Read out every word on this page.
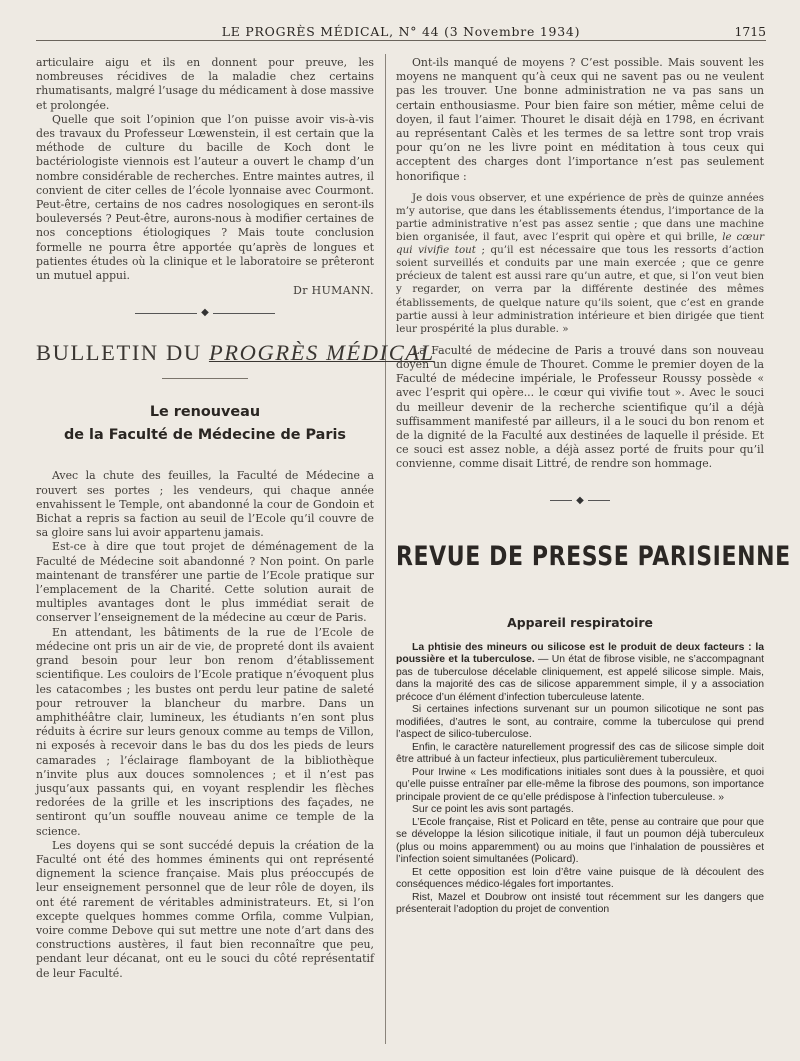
LE PROGRÈS MÉDICAL, N° 44 (3 Novembre 1934)	1715

articulaire aigu et ils en donnent pour preuve, les nombreuses récidives de la maladie chez certains rhumatisants, malgré l’usage du médicament à dose massive et prolongée.

Quelle que soit l’opinion que l’on puisse avoir vis-à-vis des travaux du Professeur Lœwenstein, il est certain que la méthode de culture du bacille de Koch dont le bactériologiste viennois est l’auteur a ouvert le champ d’un nombre considérable de recherches. Entre maintes autres, il convient de citer celles de l’école lyonnaise avec Courmont. Peut-être, certains de nos cadres nosologiques en seront-ils bouleversés ? Peut-être, aurons-nous à modifier certaines de nos conceptions étiologiques ? Mais toute conclusion formelle ne pourra être apportée qu’après de longues et patientes études où la clinique et le laboratoire se prêteront un mutuel appui.

Dr HUMANN.
◆
BULLETIN DU PROGRÈS MÉDICAL
Le renouveau
de la Faculté de Médecine de Paris

Avec la chute des feuilles, la Faculté de Médecine a rouvert ses portes ; les vendeurs, qui chaque année envahissent le Temple, ont abandonné la cour de Gondoin et Bichat a repris sa faction au seuil de l’Ecole qu’il couvre de sa gloire sans lui avoir appartenu jamais.

Est-ce à dire que tout projet de déménagement de la Faculté de Médecine soit abandonné ? Non point. On parle maintenant de transférer une partie de l’Ecole pratique sur l’emplacement de la Charité. Cette solution aurait de multiples avantages dont le plus immédiat serait de conserver l’enseignement de la médecine au cœur de Paris.

En attendant, les bâtiments de la rue de l’Ecole de médecine ont pris un air de vie, de propreté dont ils avaient grand besoin pour leur bon renom d’établissement scientifique. Les couloirs de l’Ecole pratique n’évoquent plus les catacombes ; les bustes ont perdu leur patine de saleté pour retrouver la blancheur du marbre. Dans un amphithéâtre clair, lumineux, les étudiants n’en sont plus réduits à écrire sur leurs genoux comme au temps de Villon, ni exposés à recevoir dans le bas du dos les pieds de leurs camarades ; l’éclairage flamboyant de la bibliothèque n’invite plus aux douces somnolences ; et il n’est pas jusqu’aux passants qui, en voyant resplendir les flèches redorées de la grille et les inscriptions des façades, ne sentiront qu’un souffle nouveau anime ce temple de la science.

Les doyens qui se sont succédé depuis la création de la Faculté ont été des hommes éminents qui ont représenté dignement la science française. Mais plus préoccupés de leur enseignement personnel que de leur rôle de doyen, ils ont été rarement de véritables administrateurs. Et, si l’on excepte quelques hommes comme Orfila, comme Vulpian, voire comme Debove qui sut mettre une note d’art dans des constructions austères, il faut bien reconnaître que peu, pendant leur décanat, ont eu le souci du côté représentatif de leur Faculté.

Ont-ils manqué de moyens ? C’est possible. Mais souvent les moyens ne manquent qu’à ceux qui ne savent pas ou ne veulent pas les trouver. Une bonne administration ne va pas sans un certain enthousiasme. Pour bien faire son métier, même celui de doyen, il faut l’aimer. Thouret le disait déjà en 1798, en écrivant au représentant Calès et les termes de sa lettre sont trop vrais pour qu’on ne les livre point en méditation à tous ceux qui acceptent des charges dont l’importance n’est pas seulement honorifique :

Je dois vous observer, et une expérience de près de quinze années m’y autorise, que dans les établissements étendus, l’importance de la partie administrative n’est pas assez sentie ; que dans une machine bien organisée, il faut, avec l’esprit qui opère et qui brille, le cœur qui vivifie tout ; qu’il est nécessaire que tous les ressorts d’action soient surveillés et conduits par une main exercée ; que ce genre précieux de talent est aussi rare qu’un autre, et que, si l’on veut bien y regarder, on verra par la différente destinée des mêmes établissements, de quelque nature qu’ils soient, que c’est en grande partie aussi à leur administration intérieure et bien dirigée que tient leur prospérité la plus durable. »

La Faculté de médecine de Paris a trouvé dans son nouveau doyen un digne émule de Thouret. Comme le premier doyen de la Faculté de médecine impériale, le Professeur Roussy possède « avec l’esprit qui opère... le cœur qui vivifie tout ». Avec le souci du meilleur devenir de la recherche scientifique qu’il a déjà suffisamment manifesté par ailleurs, il a le souci du bon renom et de la dignité de la Faculté aux destinées de laquelle il préside. Et ce souci est assez noble, a déjà assez porté de fruits pour qu’il convienne, comme disait Littré, de rendre son hommage.

◆
REVUE DE PRESSE PARISIENNE
Appareil respiratoire

La phtisie des mineurs ou silicose est le produit de deux facteurs : la poussière et la tuberculose. — Un état de fibrose visible, ne s’accompagnant pas de tuberculose décelable cliniquement, est appelé silicose simple. Mais, dans la majorité des cas de silicose apparemment simple, il y a association précoce d’un élément d’infection tuberculeuse latente.

Si certaines infections survenant sur un poumon silicotique ne sont pas modifiées, d’autres le sont, au contraire, comme la tuberculose qui prend l’aspect de silico-tuberculose.

Enfin, le caractère naturellement progressif des cas de silicose simple doit être attribué à un facteur infectieux, plus particulièrement tuberculeux.

Pour Irwine « Les modifications initiales sont dues à la poussière, et quoi qu’elle puisse entraîner par elle-même la fibrose des poumons, son importance principale provient de ce qu’elle prédispose à l’infection tuberculeuse. »

Sur ce point les avis sont partagés.

L’Ecole française, Rist et Policard en tête, pense au contraire que pour que se développe la lésion silicotique initiale, il faut un poumon déjà tuberculeux (plus ou moins apparemment) ou au moins que l’inhalation de poussières et l’infection soient simultanées (Policard).

Et cette opposition est loin d’être vaine puisque de là découlent des conséquences médico-légales fort importantes.

Rist, Mazel et Doubrow ont insisté tout récemment sur les dangers que présenterait l’adoption du projet de convention
